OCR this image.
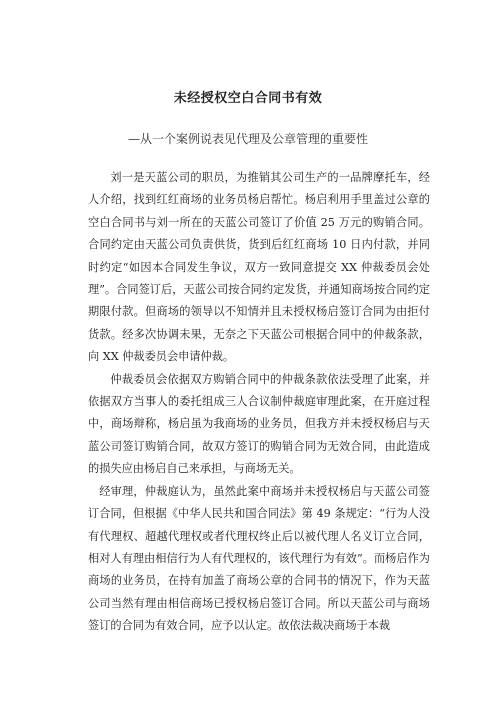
未经授权空白合同书有效
—从一个案例说表见代理及公章管理的重要性

刘一是天蓝公司的职员，为推销其公司生产的一品牌摩托车，经人介绍，找到红红商场的业务员杨启帮忙。杨启利用手里盖过公章的空白合同书与刘一所在的天蓝公司签订了价值 25 万元的购销合同。合同约定由天蓝公司负责供货，货到后红红商场 10 日内付款，并同时约定“如因本合同发生争议，双方一致同意提交 XX 仲裁委员会处理”。合同签订后，天蓝公司按合同约定发货，并通知商场按合同约定期限付款。但商场的领导以不知情并且未授权杨启签订合同为由拒付货款。经多次协调未果，无奈之下天蓝公司根据合同中的仲裁条款，向 XX 仲裁委员会申请仲裁。

仲裁委员会依据双方购销合同中的仲裁条款依法受理了此案，并依据双方当事人的委托组成三人合议制仲裁庭审理此案，在开庭过程中，商场辩称，杨启虽为我商场的业务员，但我方并未授权杨启与天蓝公司签订购销合同，故双方签订的购销合同为无效合同，由此造成的损失应由杨启自己来承担，与商场无关。

经审理，仲裁庭认为，虽然此案中商场并未授权杨启与天蓝公司签订合同，但根据《中华人民共和国合同法》第 49 条规定：“行为人没有代理权、超越代理权或者代理权终止后以被代理人名义订立合同，相对人有理由相信行为人有代理权的，该代理行为有效”。而杨启作为商场的业务员，在持有加盖了商场公章的合同书的情况下，作为天蓝公司当然有理由相信商场已授权杨启签订合同。所以天蓝公司与商场签订的合同为有效合同，应予以认定。故依法裁决商场于本裁
